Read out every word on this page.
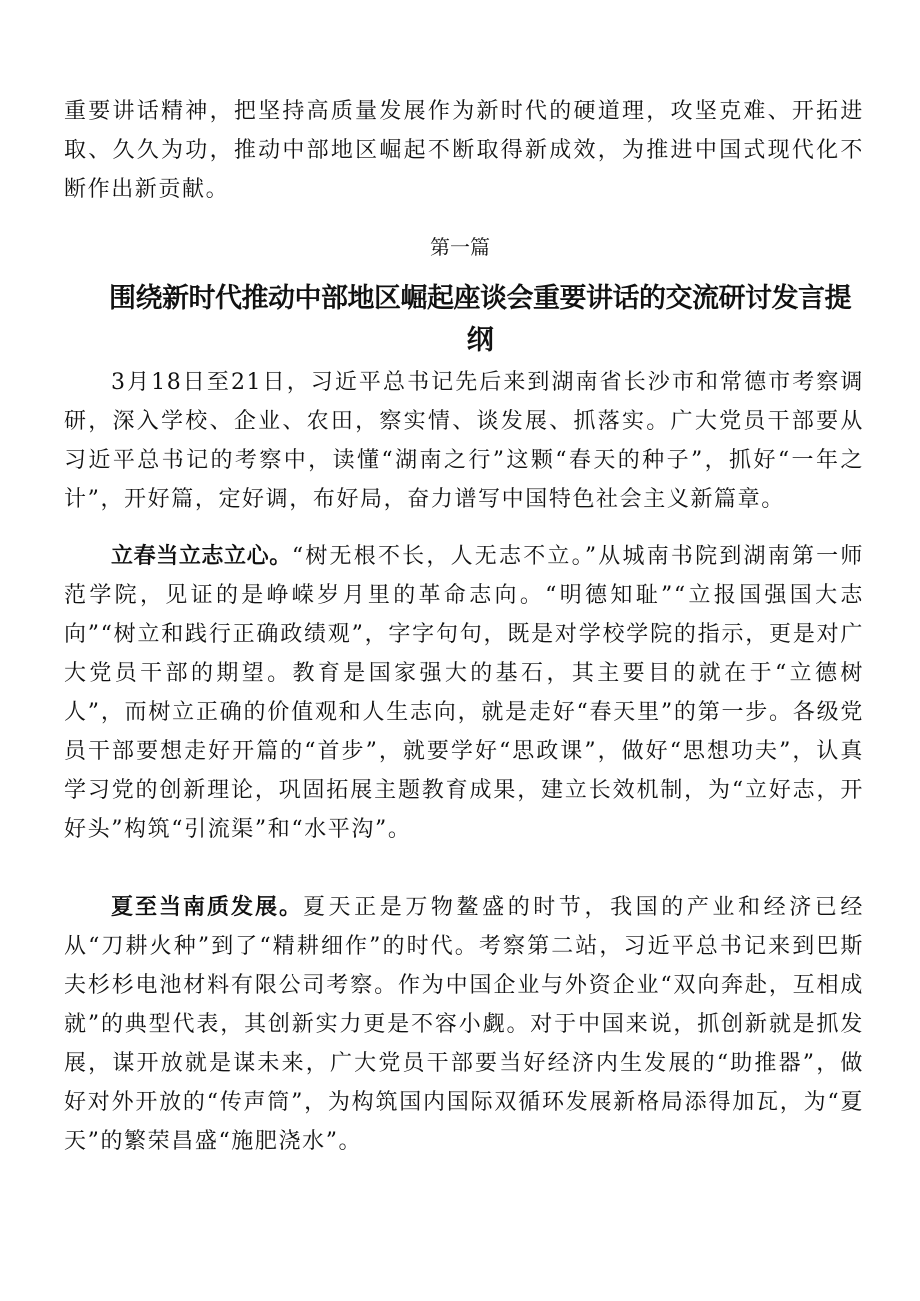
重要讲话精神，把坚持高质量发展作为新时代的硬道理，攻坚克难、开拓进取、久久为功，推动中部地区崛起不断取得新成效，为推进中国式现代化不断作出新贡献。

第一篇

围绕新时代推动中部地区崛起座谈会重要讲话的交流研讨发言提纲

3月18日至21日，习近平总书记先后来到湖南省长沙市和常德市考察调研，深入学校、企业、农田，察实情、谈发展、抓落实。广大党员干部要从习近平总书记的考察中，读懂“湖南之行”这颗“春天的种子”，抓好“一年之计”，开好篇，定好调，布好局，奋力谱写中国特色社会主义新篇章。

立春当立志立心。“树无根不长，人无志不立。”从城南书院到湖南第一师范学院，见证的是峥嵘岁月里的革命志向。“明德知耻”“立报国强国大志向”“树立和践行正确政绩观”，字字句句，既是对学校学院的指示，更是对广大党员干部的期望。教育是国家强大的基石，其主要目的就在于“立德树人”，而树立正确的价值观和人生志向，就是走好“春天里”的第一步。各级党员干部要想走好开篇的“首步”，就要学好“思政课”，做好“思想功夫”，认真学习党的创新理论，巩固拓展主题教育成果，建立长效机制，为“立好志，开好头”构筑“引流渠”和“水平沟”。

夏至当南质发展。夏天正是万物鳌盛的时节，我国的产业和经济已经从“刀耕火种”到了“精耕细作”的时代。考察第二站，习近平总书记来到巴斯夫杉杉电池材料有限公司考察。作为中国企业与外资企业“双向奔赴，互相成就”的典型代表，其创新实力更是不容小觑。对于中国来说，抓创新就是抓发展，谋开放就是谋未来，广大党员干部要当好经济内生发展的“助推器”，做好对外开放的“传声筒”，为构筑国内国际双循环发展新格局添得加瓦，为“夏天”的繁荣昌盛“施肥浇水”。
